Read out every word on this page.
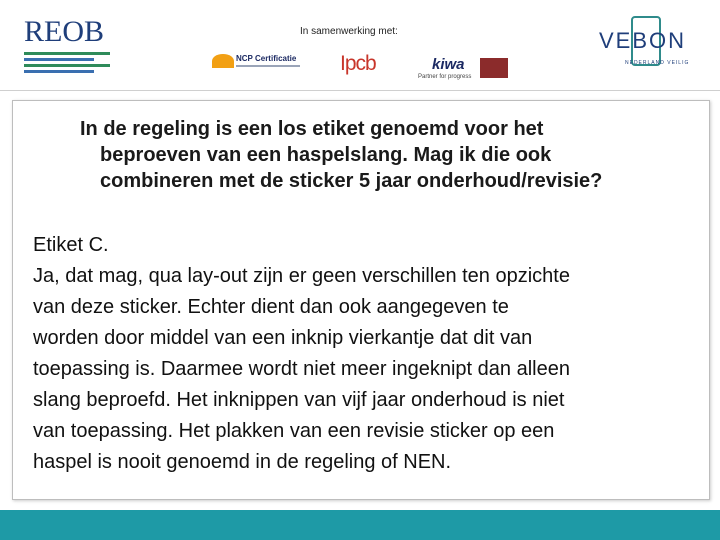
REOB	In samenwerking met:
NCP Certificatie Ipcb	kiwa
Partner for progress
VEBON
NEDERLAND VEILIG
In de regeling is een los etiket genoemd voor het
beproeven van een haspelslang. Mag ik die ook
combineren met de sticker 5 jaar onderhoud/revisie?
Etiket C.
Ja, dat mag, qua lay-out zijn er geen verschillen ten opzichte
van deze sticker. Echter dient dan ook aangegeven te
worden door middel van een inknip vierkantje dat dit van
toepassing is. Daarmee wordt niet meer ingeknipt dan alleen
slang beproefd. Het inknippen van vijf jaar onderhoud is niet
van toepassing. Het plakken van een revisie sticker op een
haspel is nooit genoemd in de regeling of NEN.
